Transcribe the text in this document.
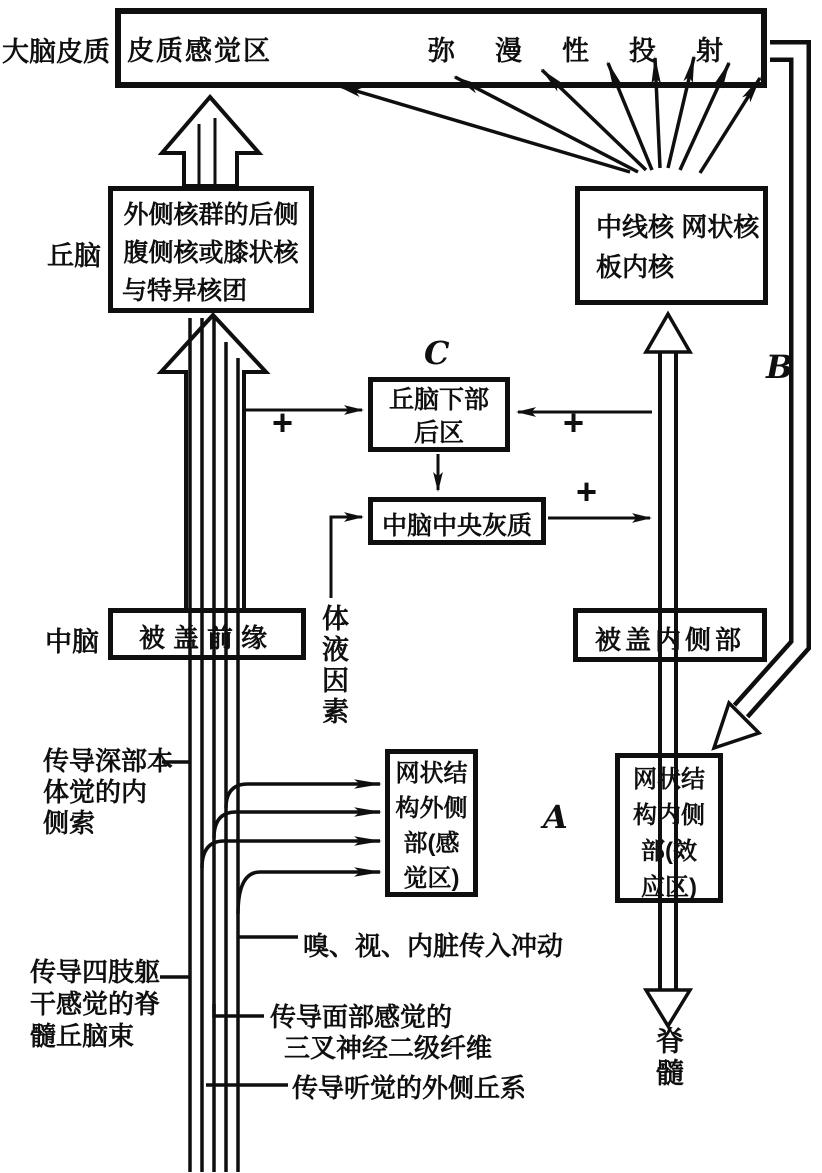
大脑皮质 皮质感觉区	弥漫性投射
丘脑
外侧核群的后侧
腹侧核或膝状核
与特异核团
中线核 网状核
板内核
C	B
A
丘脑下部
后区
+	+
中脑中央灰质
+
中脑	被盖前缘	被盖内侧部
体液因素
传导深部本
体觉的内
侧索
网状结
构外侧
部(感
觉区)
网状结
构内侧
部(效
应区)
嗅、视、内脏传入冲动
传导四肢躯
干感觉的脊
髓丘脑束
传导面部感觉的
三叉神经二级纤维
传导听觉的外侧丘系	脊髓
